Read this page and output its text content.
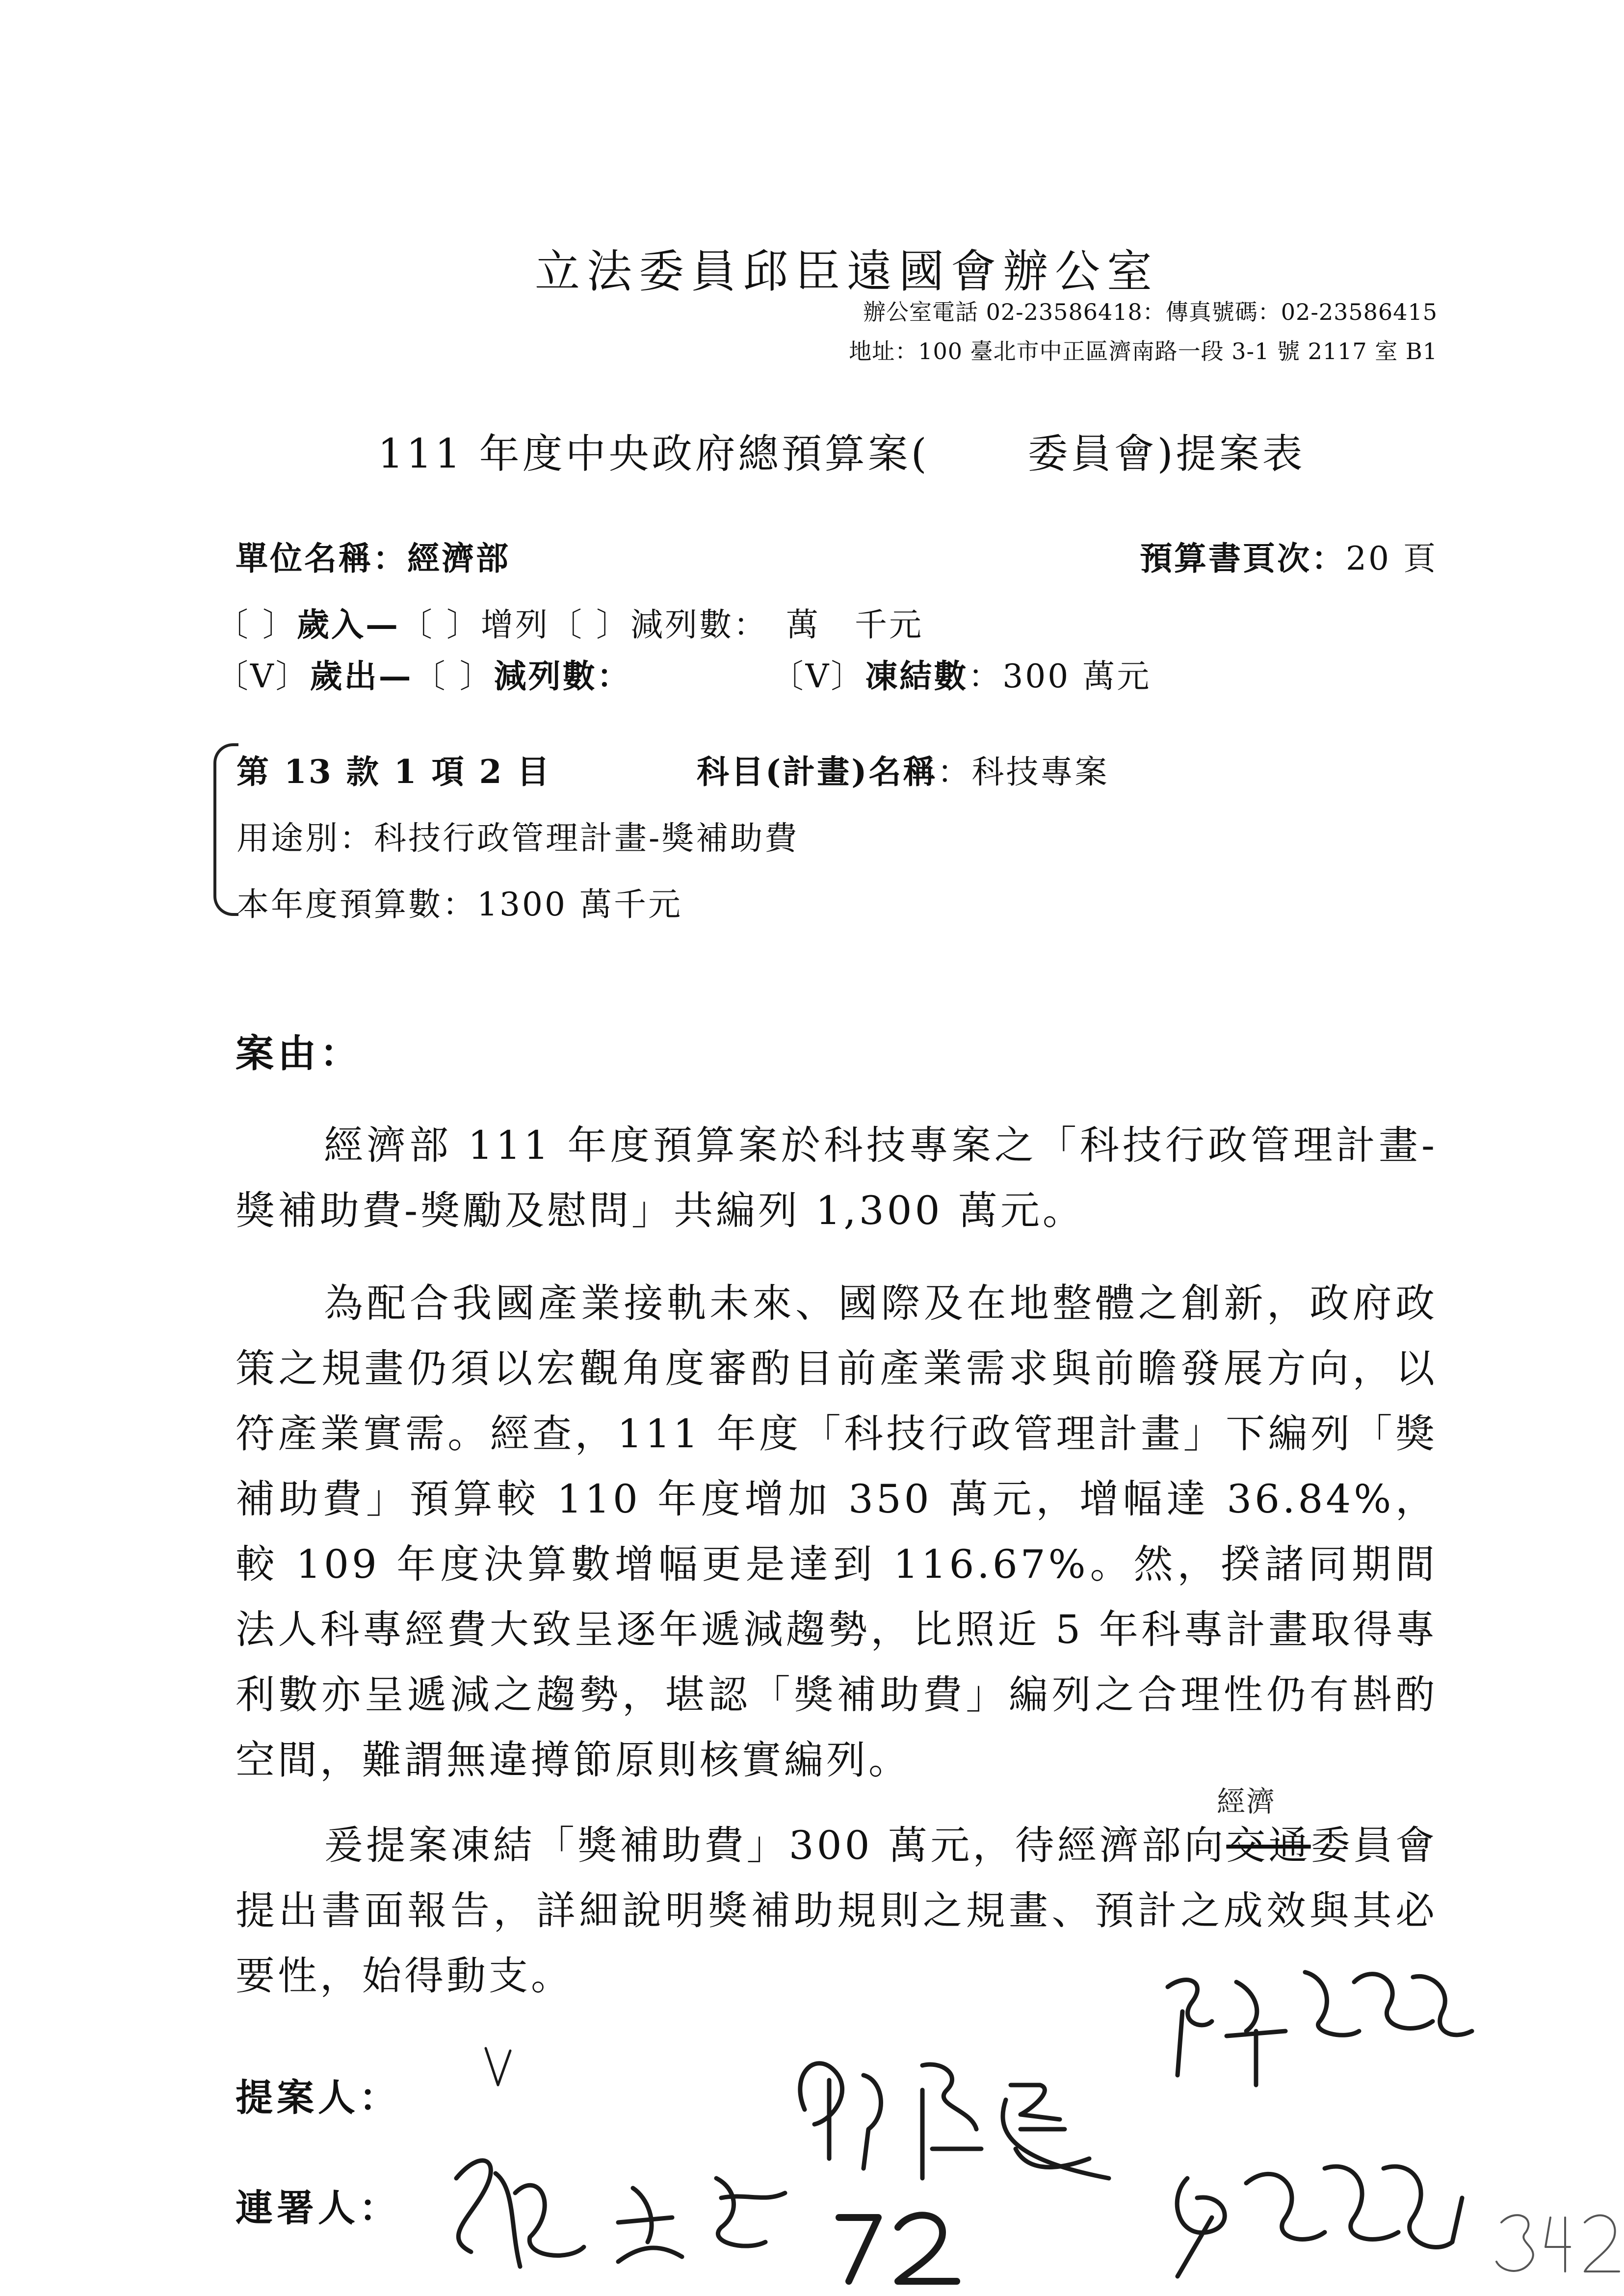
立法委員邱臣遠國會辦公室
辦公室電話 02-23586418：傳真號碼：02-23586415
地址：100 臺北市中正區濟南路一段 3-1 號 2117 室 B1
111 年度中央政府總預算案( 委員會)提案表
單位名稱：經濟部	預算書頁次：20 頁
〔 〕歲入—〔 〕增列〔 〕減列數：　萬　千元
〔V〕歲出—〔 〕減列數：	〔V〕凍結數：300 萬元
第 13 款 1 項 2 目	科目(計畫)名稱：科技專案
用途別：科技行政管理計畫-獎補助費
本年度預算數：1300 萬千元
案由：

經濟部 111 年度預算案於科技專案之「科技行政管理計畫-獎補助費-獎勵及慰問」共編列 1,300 萬元。

為配合我國產業接軌未來、國際及在地整體之創新，政府政策之規畫仍須以宏觀角度審酌目前產業需求與前瞻發展方向，以符產業實需。經查，111 年度「科技行政管理計畫」下編列「獎補助費」預算較 110 年度增加 350 萬元，增幅達 36.84%，較 109 年度決算數增幅更是達到 116.67%。然，揆諸同期間法人科專經費大致呈逐年遞減趨勢，比照近 5 年科專計畫取得專利數亦呈遞減之趨勢，堪認「獎補助費」編列之合理性仍有斟酌空間，難謂無違撙節原則核實編列。

爰提案凍結「獎補助費」300 萬元，待經濟部向交通委員會提出書面報告，詳細說明獎補助規則之規畫、預計之成效與其必要性，始得動支。

經濟
提案人：
連署人：
